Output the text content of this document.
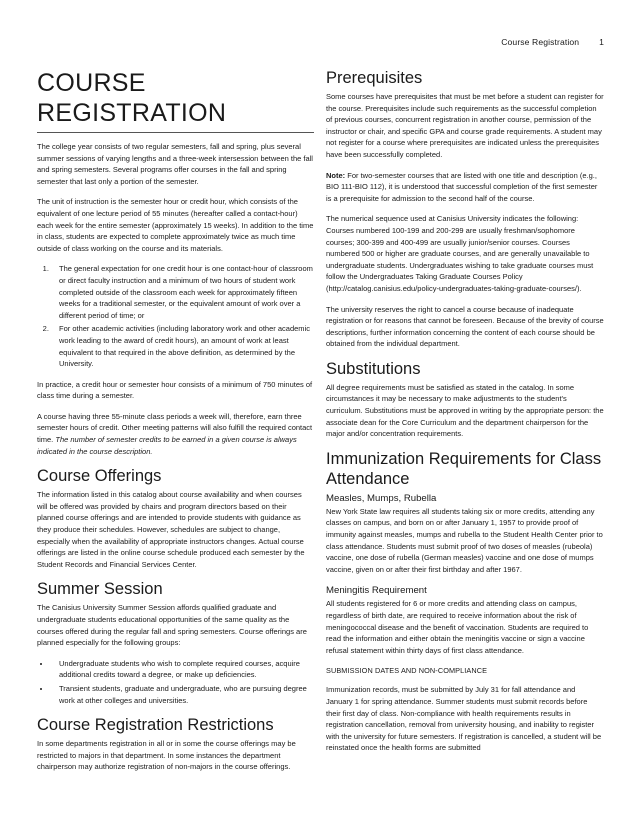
Course Registration 1
COURSE REGISTRATION

The college year consists of two regular semesters, fall and spring, plus several summer sessions of varying lengths and a three-week intersession between the fall and spring semesters. Several programs offer courses in the fall and spring semester that last only a portion of the semester.

The unit of instruction is the semester hour or credit hour, which consists of the equivalent of one lecture period of 55 minutes (hereafter called a contact-hour) each week for the entire semester (approximately 15 weeks). In addition to the time in class, students are expected to complete approximately twice as much time outside of class working on the course and its materials.

1. The general expectation for one credit hour is one contact-hour of classroom or direct faculty instruction and a minimum of two hours of student work completed outside of the classroom each week for approximately fifteen weeks for a traditional semester, or the equivalent amount of work over a different period of time; or
2. For other academic activities (including laboratory work and other academic work leading to the award of credit hours), an amount of work at least equivalent to that required in the above definition, as determined by the University.

In practice, a credit hour or semester hour consists of a minimum of 750 minutes of class time during a semester.

A course having three 55-minute class periods a week will, therefore, earn three semester hours of credit. Other meeting patterns will also fulfill the required contact time. The number of semester credits to be earned in a given course is always indicated in the course description.

Course Offerings

The information listed in this catalog about course availability and when courses will be offered was provided by chairs and program directors based on their planned course offerings and are intended to provide students with guidance as they produce their schedules. However, schedules are subject to change, especially when the availability of appropriate instructors changes. Actual course offerings are listed in the online course schedule produced each semester by the Student Records and Financial Services Center.

Summer Session

The Canisius University Summer Session affords qualified graduate and undergraduate students educational opportunities of the same quality as the courses offered during the regular fall and spring semesters. Course offerings are planned especially for the following groups:

• Undergraduate students who wish to complete required courses, acquire additional credits toward a degree, or make up deficiencies.
• Transient students, graduate and undergraduate, who are pursuing degree work at other colleges and universities.
Course Registration Restrictions

In some departments registration in all or in some the course offerings may be restricted to majors in that department. In some instances the department chairperson may authorize registration of non-majors in the course offerings.

Prerequisites

Some courses have prerequisites that must be met before a student can register for the course. Prerequisites include such requirements as the successful completion of previous courses, concurrent registration in another course, permission of the instructor or chair, and specific GPA and course grade requirements. A student may not register for a course where prerequisites are indicated unless the prerequisites have been successfully completed.

Note: For two-semester courses that are listed with one title and description (e.g., BIO 111-BIO 112), it is understood that successful completion of the first semester is a prerequisite for admission to the second half of the course.

The numerical sequence used at Canisius University indicates the following: Courses numbered 100-199 and 200-299 are usually freshman/sophomore courses; 300-399 and 400-499 are usually junior/senior courses. Courses numbered 500 or higher are graduate courses, and are generally unavailable to undergraduate students. Undergraduates wishing to take graduate courses must follow the Undergraduates Taking Graduate Courses Policy (http://catalog.canisius.edu/policy-undergraduates-taking-graduate-courses/).

The university reserves the right to cancel a course because of inadequate registration or for reasons that cannot be foreseen. Because of the brevity of course descriptions, further information concerning the content of each course should be obtained from the individual department.

Substitutions

All degree requirements must be satisfied as stated in the catalog. In some circumstances it may be necessary to make adjustments to the student's curriculum. Substitutions must be approved in writing by the appropriate person: the associate dean for the Core Curriculum and the department chairperson for the major and/or concentration requirements.

Immunization Requirements for Class Attendance
Measles, Mumps, Rubella

New York State law requires all students taking six or more credits, attending any classes on campus, and born on or after January 1, 1957 to provide proof of immunity against measles, mumps and rubella to the Student Health Center prior to class attendance. Students must submit proof of two doses of measles (rubeola) vaccine, one dose of rubella (German measles) vaccine and one dose of mumps vaccine, given on or after their first birthday and after 1967.

Meningitis Requirement

All students registered for 6 or more credits and attending class on campus, regardless of birth date, are required to receive information about the risk of meningococcal disease and the benefit of vaccination. Students are required to read the information and either obtain the meningitis vaccine or sign a vaccine refusal statement within thirty days of first class attendance.

SUBMISSION DATES AND NON-COMPLIANCE

Immunization records, must be submitted by July 31 for fall attendance and January 1 for spring attendance. Summer students must submit records before their first day of class. Non-compliance with health requirements results in registration cancellation, removal from university housing, and inability to register with the university for future semesters. If registration is cancelled, a student will be reinstated once the health forms are submitted
